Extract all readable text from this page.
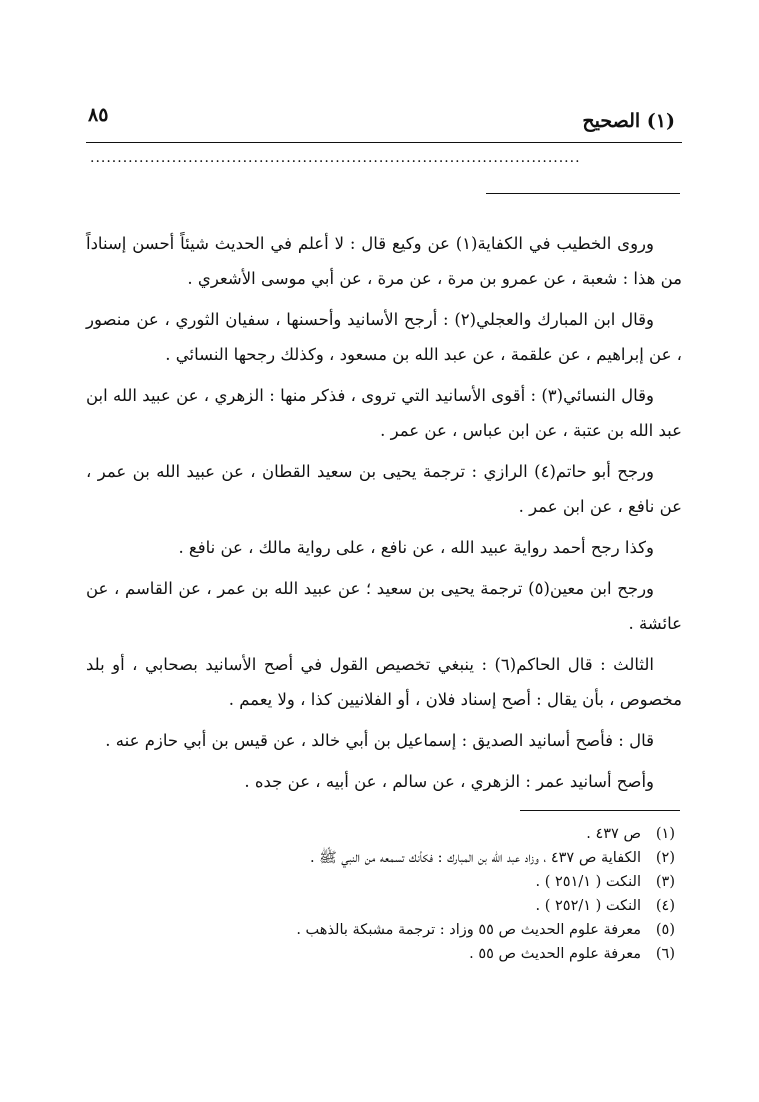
(١) الصحيح
٨٥
..........................................................................................

وروى الخطيب في الكفاية(١) عن وكيع قال : لا أعلم في الحديث شيئاً أحسن إسناداً من هذا : شعبة ، عن عمرو بن مرة ، عن مرة ، عن أبي موسى الأشعري .

وقال ابن المبارك والعجلي(٢) : أرجح الأسانيد وأحسنها ، سفيان الثوري ، عن منصور ، عن إبراهيم ، عن علقمة ، عن عبد الله بن مسعود ، وكذلك رجحها النسائي .

وقال النسائي(٣) : أقوى الأسانيد التي تروى ، فذكر منها : الزهري ، عن عبيد الله ابن عبد الله بن عتبة ، عن ابن عباس ، عن عمر .

ورجح أبو حاتم(٤) الرازي : ترجمة يحيى بن سعيد القطان ، عن عبيد الله بن عمر ، عن نافع ، عن ابن عمر .

وكذا رجح أحمد رواية عبيد الله ، عن نافع ، على رواية مالك ، عن نافع .

ورجح ابن معين(٥) ترجمة يحيى بن سعيد ؛ عن عبيد الله بن عمر ، عن القاسم ، عن عائشة .

الثالث : قال الحاكم(٦) : ينبغي تخصيص القول في أصح الأسانيد بصحابي ، أو بلد مخصوص ، بأن يقال : أصح إسناد فلان ، أو الفلانيين كذا ، ولا يعمم .

قال : فأصح أسانيد الصديق : إسماعيل بن أبي خالد ، عن قيس بن أبي حازم عنه .

وأصح أسانيد عمر : الزهري ، عن سالم ، عن أبيه ، عن جده .

(١)
ص ٤٣٧ .
(٢)
الكفاية ص ٤٣٧ ، وزاد عبد الله بن المبارك : فكأنك تسمعه من النبي ﷺ .
(٣)
النكت ( ٢٥١/١ ) .
(٤)
النكت ( ٢٥٢/١ ) .
(٥)
معرفة علوم الحديث ص ٥٥ وزاد : ترجمة مشبكة بالذهب .
(٦)
معرفة علوم الحديث ص ٥٥ .
